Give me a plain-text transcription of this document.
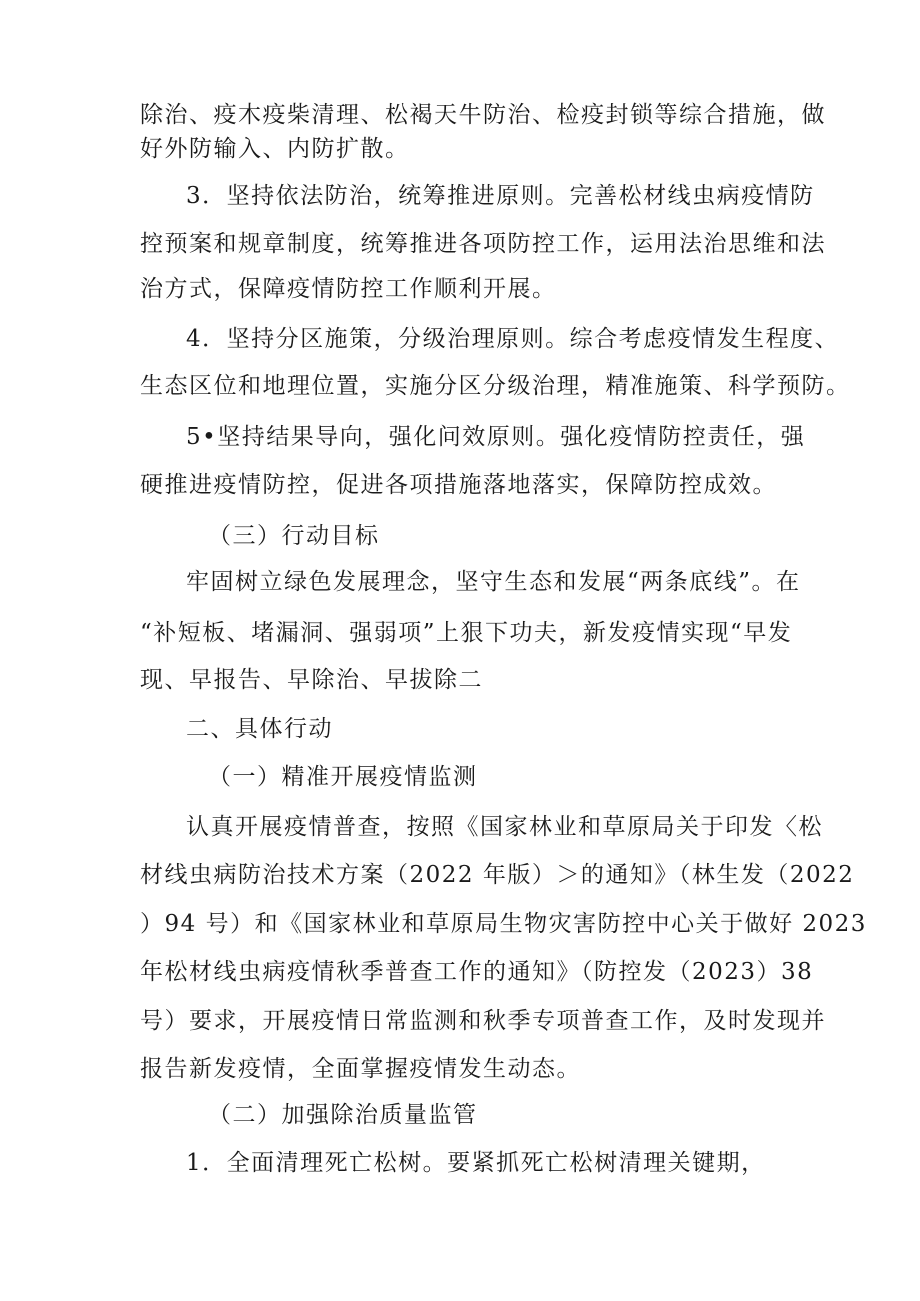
除治、疫木疫柴清理、松褐天牛防治、检疫封锁等综合措施，做
好外防输入、内防扩散。
3．坚持依法防治，统筹推进原则。完善松材线虫病疫情防
控预案和规章制度，统筹推进各项防控工作，运用法治思维和法
治方式，保障疫情防控工作顺利开展。
4．坚持分区施策，分级治理原则。综合考虑疫情发生程度、
生态区位和地理位置，实施分区分级治理，精准施策、科学预防。
5•坚持结果导向，强化问效原则。强化疫情防控责任，强
硬推进疫情防控，促进各项措施落地落实，保障防控成效。
（三）行动目标
牢固树立绿色发展理念，坚守生态和发展“两条底线”。在
“补短板、堵漏洞、强弱项”上狠下功夫，新发疫情实现“早发
现、早报告、早除治、早拔除二
二、具体行动
（一）精准开展疫情监测
认真开展疫情普查，按照《国家林业和草原局关于印发〈松
材线虫病防治技术方案（2022 年版）＞的通知》（林生发（2022
）94 号）和《国家林业和草原局生物灾害防控中心关于做好 2023
年松材线虫病疫情秋季普查工作的通知》（防控发（2023）38
号）要求，开展疫情日常监测和秋季专项普查工作，及时发现并
报告新发疫情，全面掌握疫情发生动态。
（二）加强除治质量监管
1．全面清理死亡松树。要紧抓死亡松树清理关键期，
